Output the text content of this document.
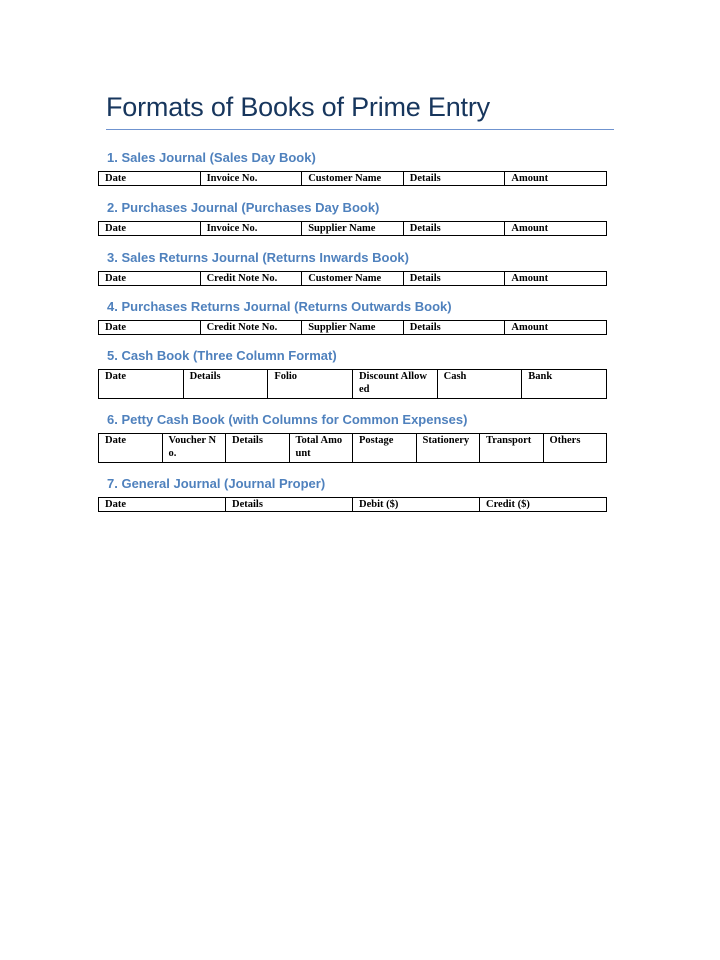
Formats of Books of Prime Entry
1. Sales Journal (Sales Day Book)
Date	Invoice No.	Customer Name	Details	Amount
2. Purchases Journal (Purchases Day Book)
Date	Invoice No.	Supplier Name	Details	Amount
3. Sales Returns Journal (Returns Inwards Book)
Date	Credit Note No.	Customer Name	Details	Amount
4. Purchases Returns Journal (Returns Outwards Book)
Date	Credit Note No.	Supplier Name	Details	Amount
5. Cash Book (Three Column Format)
Date	Details	Folio	Discount Allowed	Cash	Bank
6. Petty Cash Book (with Columns for Common Expenses)
Date	Voucher No.	Details	Total Amount	Postage	Stationery	Transport	Others
7. General Journal (Journal Proper)
Date	Details	Debit ($)	Credit ($)
